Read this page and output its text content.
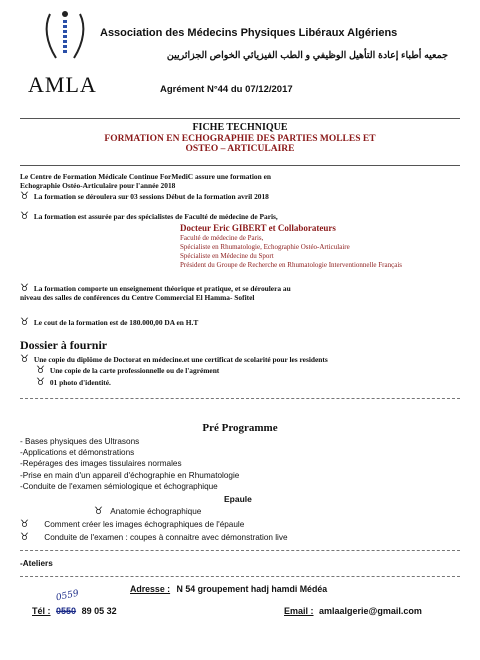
AMLA
Association des Médecins Physiques Libéraux Algériens
جمعيه أطباء إعادة التأهيل الوظيفي و الطب الفيزيائي الخواص الجزائريين
Agrément N°44 du 07/12/2017
FICHE TECHNIQUE
FORMATION EN ECHOGRAPHIE DES PARTIES MOLLES ET
OSTEO – ARTICULAIRE
Le Centre de Formation Médicale Continue ForMediC assure une formation en
Echographie Ostéo-Articulaire pour l'année 2018
♉ La formation se déroulera sur 03 sessions Début de la formation avril 2018
♉ La formation est assurée par des spécialistes de Faculté de médecine de Paris,
Docteur Eric GIBERT et Collaborateurs
Faculté de médecine de Paris,
Spécialiste en Rhumatologie, Echographie Ostéo-Articulaire
Spécialiste en Médecine du Sport
Président du Groupe de Recherche en Rhumatologie Interventionnelle Français
♉ La formation comporte un enseignement théorique et pratique, et se déroulera au
niveau des salles de conférences du Centre Commercial El Hamma- Sofitel
♉ Le cout de la formation est de 180.000,00 DA en H.T
Dossier à fournir
♉ Une copie du diplôme de Doctorat en médecine.et une certificat de scolarité pour les residents
♉ Une copie de la carte professionnelle ou de l'agrément
♉ 01 photo d'identité.
Pré Programme
- Bases physiques des Ultrasons
-Applications et démonstrations
-Repérages des images tissulaires normales
-Prise en main d'un appareil d'échographie en Rhumatologie
-Conduite de l'examen sémiologique et échographique
Epaule
♉ Anatomie échographique
♉ Comment créer les images échographiques de l'épaule
♉ Conduite de l'examen : coupes à connaitre avec démonstration live
-Ateliers
Adresse : N 54 groupement hadj hamdi Médéa
Tél : 0550 89 05 32
0559
Email : amlaalgerie@gmail.com
